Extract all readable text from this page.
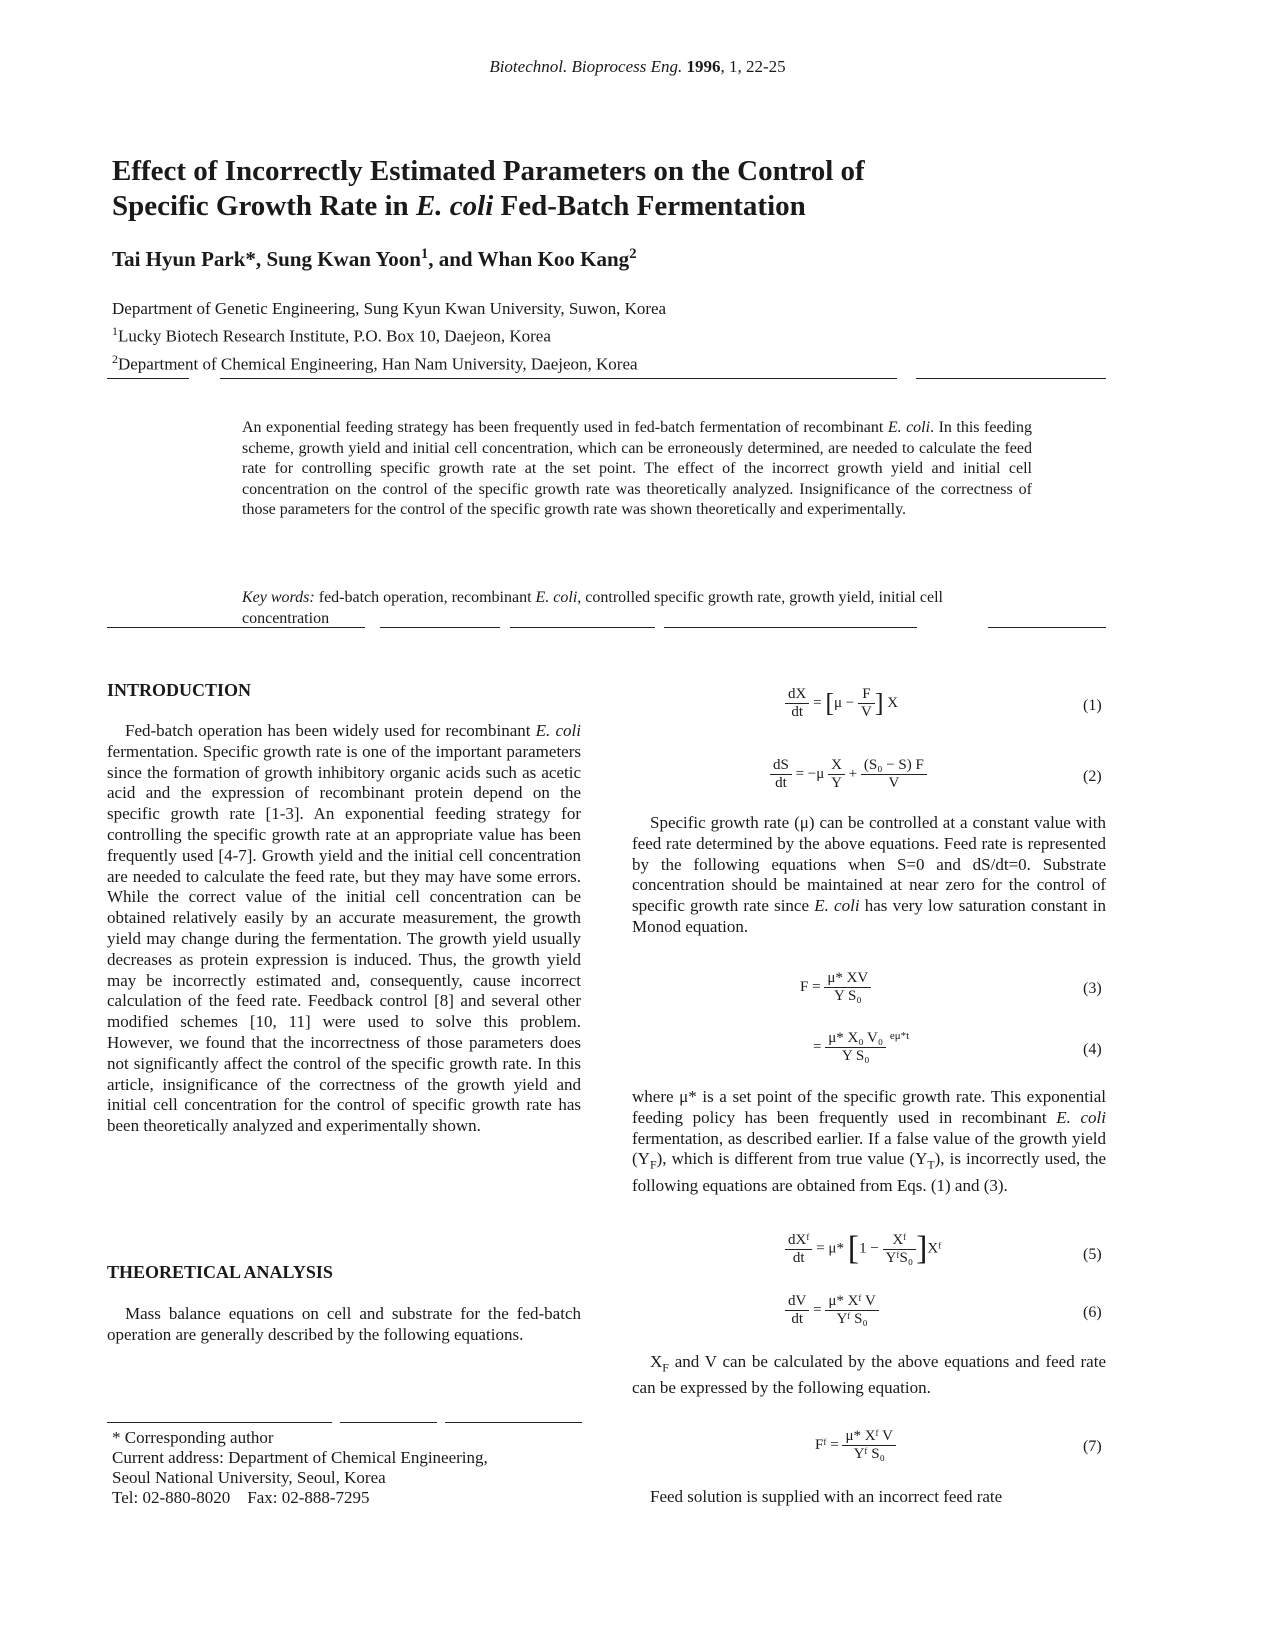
Biotechnol. Bioprocess Eng. 1996, 1, 22-25
Effect of Incorrectly Estimated Parameters on the Control of
Specific Growth Rate in E. coli Fed-Batch Fermentation
Tai Hyun Park*, Sung Kwan Yoon$^1$, and Whan Koo Kang$^2$
Department of Genetic Engineering, Sung Kyun Kwan University, Suwon, Korea
$^1$Lucky Biotech Research Institute, P.O. Box 10, Daejeon, Korea
$^2$Department of Chemical Engineering, Han Nam University, Daejeon, Korea
An exponential feeding strategy has been frequently used in fed-batch fermentation of recombinant E. coli. In this feeding scheme, growth yield and initial cell concentration, which can be erroneously determined, are needed to calculate the feed rate for controlling specific growth rate at the set point. The effect of the incorrect growth yield and initial cell concentration on the control of the specific growth rate was theoretically analyzed. Insignificance of the correctness of those parameters for the control of the specific growth rate was shown theoretically and experimentally.
Key words: fed-batch operation, recombinant E. coli, controlled specific growth rate, growth yield, initial cell concentration
INTRODUCTION

Fed-batch operation has been widely used for recombinant E. coli fermentation. Specific growth rate is one of the important parameters since the formation of growth inhibitory organic acids such as acetic acid and the expression of recombinant protein depend on the specific growth rate [1-3]. An exponential feeding strategy for controlling the specific growth rate at an appropriate value has been frequently used [4-7]. Growth yield and the initial cell concentration are needed to calculate the feed rate, but they may have some errors. While the correct value of the initial cell concentration can be obtained relatively easily by an accurate measurement, the growth yield may change during the fermentation. The growth yield usually decreases as protein expression is induced. Thus, the growth yield may be incorrectly estimated and, consequently, cause incorrect calculation of the feed rate. Feedback control [8] and several other modified schemes [10, 11] were used to solve this problem. However, we found that the incorrectness of those parameters does not significantly affect the control of the specific growth rate. In this article, insignificance of the correctness of the growth yield and initial cell concentration for the control of specific growth rate has been theoretically analyzed and experimentally shown.

THEORETICAL ANALYSIS

Mass balance equations on cell and substrate for the fed-batch operation are generally described by the following equations.

* Corresponding author
Current address: Department of Chemical Engineering,
Seoul National University, Seoul, Korea
Tel: 02-880-8020    Fax: 02-888-7295
$\frac{dX}{dt} = [\mu - \frac{F}{V}$ ] X	(1)
$\frac{dS}{dt} = -\mu \frac{X}{Y} + \frac{\text{(S₀ − S) F}}{V}$	(2)

Specific growth rate (μ) can be controlled at a constant value with feed rate determined by the above equations. Feed rate is represented by the following equations when S=0 and dS/dt=0. Substrate concentration should be maintained at near zero for the control of specific growth rate since E. coli has very low saturation constant in Monod equation.

$F = \frac{\mu* XV}{\text{Y S₀}}$	(3)
= $\frac{\text{μ* X₀ V₀}}{\text{Y S₀}} ^{e\mu*t}$
(4)

where μ* is a set point of the specific growth rate. This exponential feeding policy has been frequently used in recombinant E. coli fermentation, as described earlier. If a false value of the growth yield $(Y_F)$, which is different from true value $(Y_T)$, is incorrectly used, the following equations are obtained from Eqs. (1) and (3).

$\frac{\text{dXᶠ}}{dt} = \mu*$ [$1 - \frac{\text{Xᶠ}}{\text{YᶠS₀}}$ ]Xᶠ	(5)
$\frac{dV}{dt} = \frac{\text{μ* Xᶠ V}}{\text{Yᶠ S₀}}$	(6)

$X_F$ and V can be calculated by the above equations and feed rate can be expressed by the following equation.

Fᶠ = $\frac{\text{μ* Xᶠ V}}{\text{Yᶠ S₀}}$	(7)

Feed solution is supplied with an incorrect feed rate
